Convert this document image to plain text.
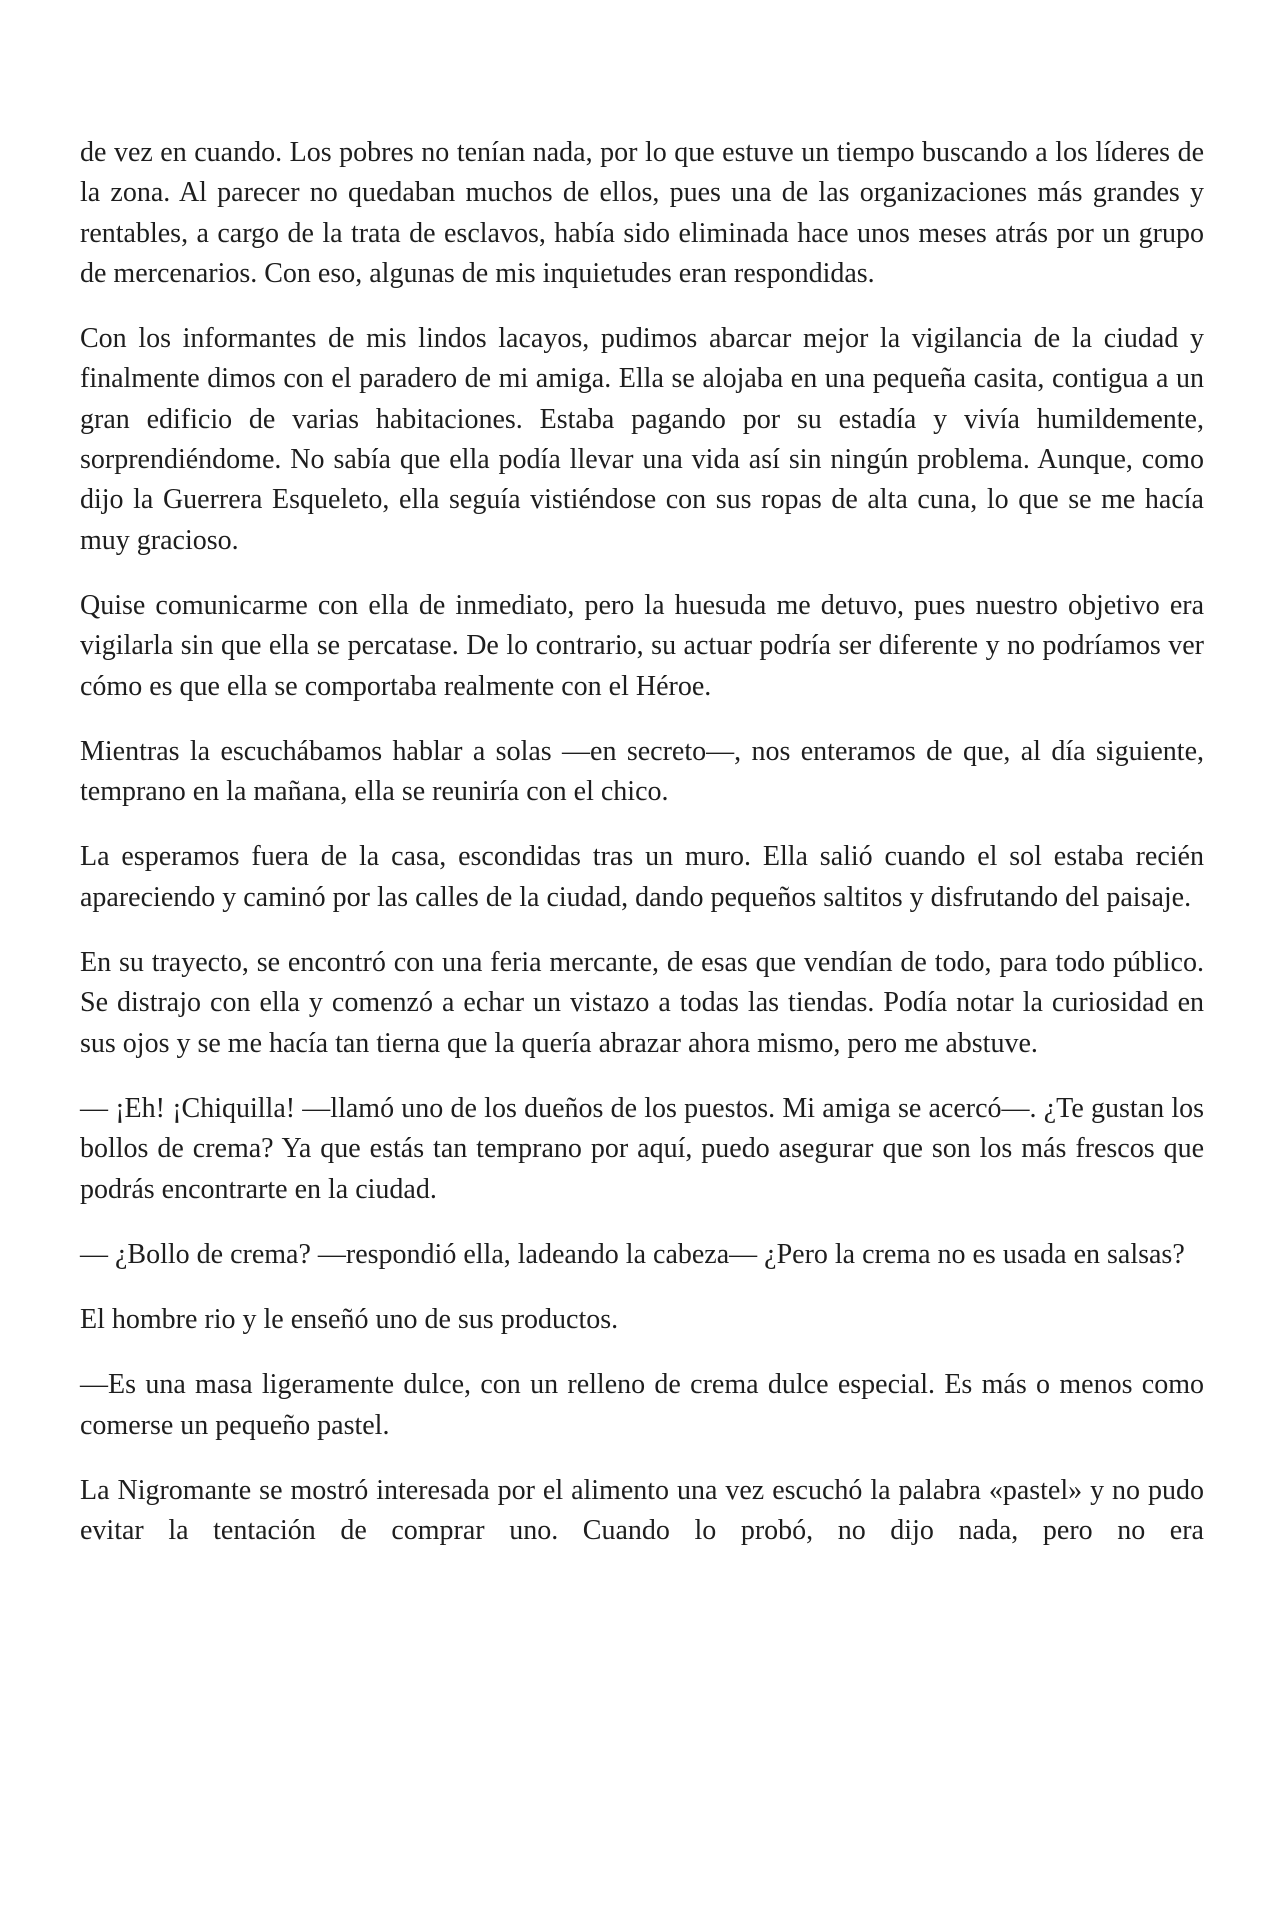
de vez en cuando. Los pobres no tenían nada, por lo que estuve un tiempo buscando a los líderes de la zona. Al parecer no quedaban muchos de ellos, pues una de las organizaciones más grandes y rentables, a cargo de la trata de esclavos, había sido eliminada hace unos meses atrás por un grupo de mercenarios. Con eso, algunas de mis inquietudes eran respondidas.

Con los informantes de mis lindos lacayos, pudimos abarcar mejor la vigilancia de la ciudad y finalmente dimos con el paradero de mi amiga. Ella se alojaba en una pequeña casita, contigua a un gran edificio de varias habitaciones. Estaba pagando por su estadía y vivía humildemente, sorprendiéndome. No sabía que ella podía llevar una vida así sin ningún problema. Aunque, como dijo la Guerrera Esqueleto, ella seguía vistiéndose con sus ropas de alta cuna, lo que se me hacía muy gracioso.

Quise comunicarme con ella de inmediato, pero la huesuda me detuvo, pues nuestro objetivo era vigilarla sin que ella se percatase. De lo contrario, su actuar podría ser diferente y no podríamos ver cómo es que ella se comportaba realmente con el Héroe.

Mientras la escuchábamos hablar a solas —en secreto—, nos enteramos de que, al día siguiente, temprano en la mañana, ella se reuniría con el chico.

La esperamos fuera de la casa, escondidas tras un muro. Ella salió cuando el sol estaba recién apareciendo y caminó por las calles de la ciudad, dando pequeños saltitos y disfrutando del paisaje.

En su trayecto, se encontró con una feria mercante, de esas que vendían de todo, para todo público. Se distrajo con ella y comenzó a echar un vistazo a todas las tiendas. Podía notar la curiosidad en sus ojos y se me hacía tan tierna que la quería abrazar ahora mismo, pero me abstuve.

— ¡Eh! ¡Chiquilla! —llamó uno de los dueños de los puestos. Mi amiga se acercó—. ¿Te gustan los bollos de crema? Ya que estás tan temprano por aquí, puedo asegurar que son los más frescos que podrás encontrarte en la ciudad.

— ¿Bollo de crema? —respondió ella, ladeando la cabeza— ¿Pero la crema no es usada en salsas?

El hombre rio y le enseñó uno de sus productos.

—Es una masa ligeramente dulce, con un relleno de crema dulce especial. Es más o menos como comerse un pequeño pastel.

La Nigromante se mostró interesada por el alimento una vez escuchó la palabra «pastel» y no pudo evitar la tentación de comprar uno. Cuando lo probó, no dijo nada, pero no era
